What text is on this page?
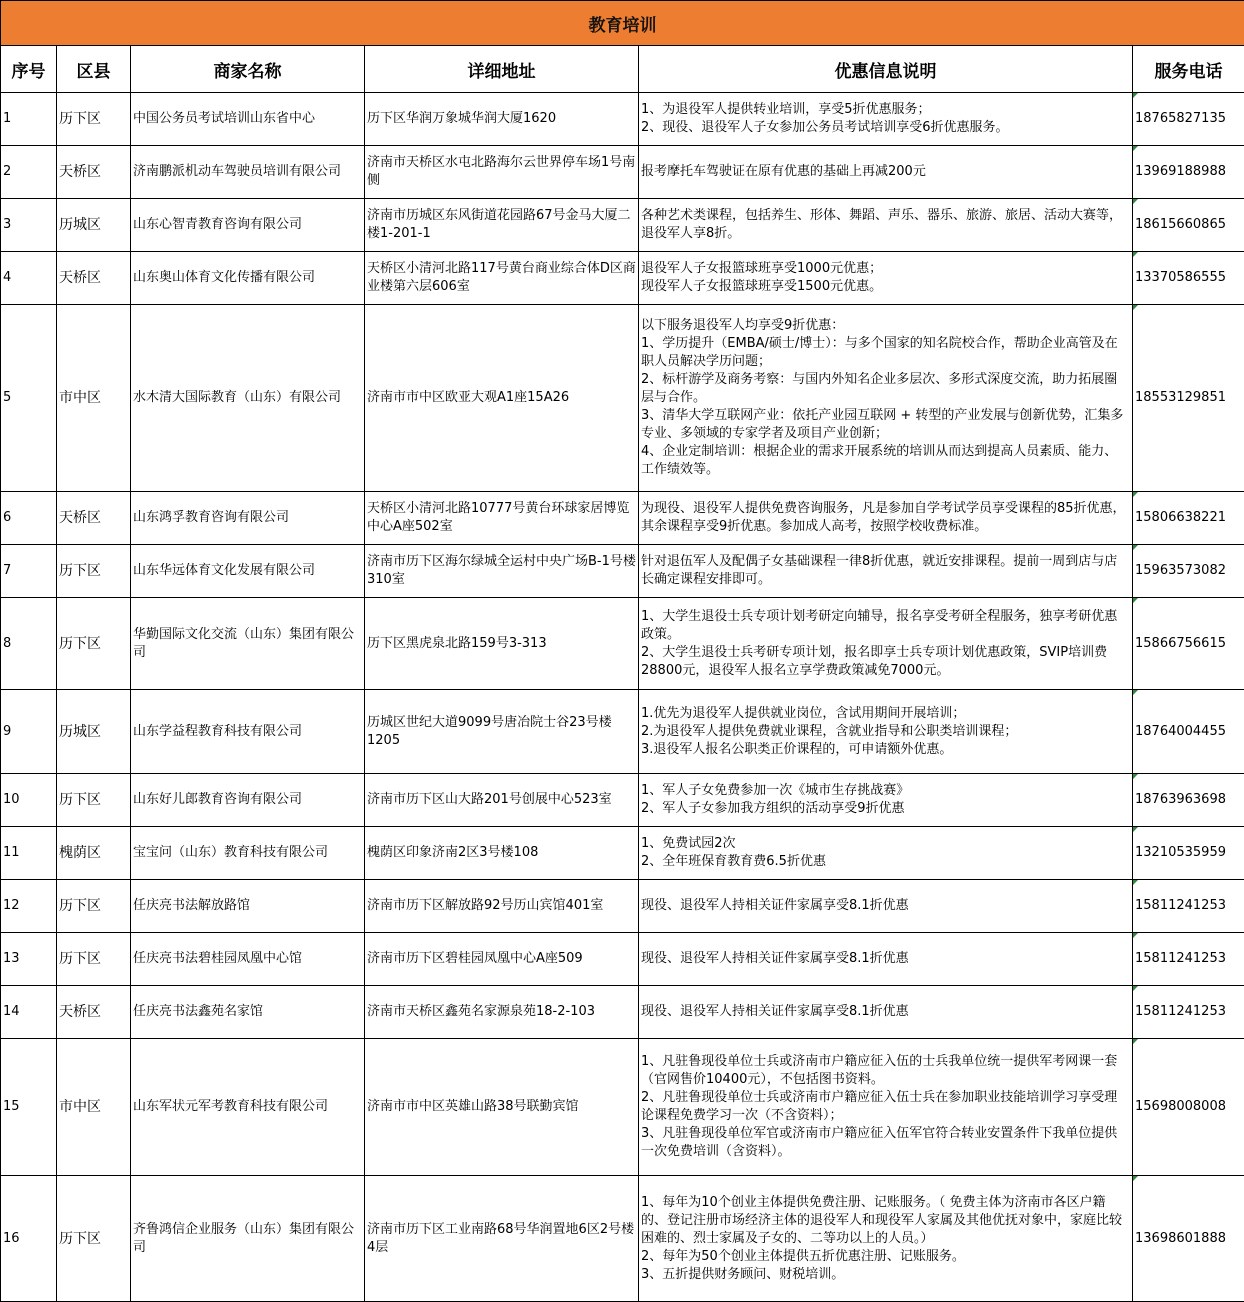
教育培训					
序号	区县	商家名称	详细地址	优惠信息说明	服务电话
1	历下区	中国公务员考试培训山东省中心	历下区华润万象城华润大厦1620	1、为退役军人提供转业培训，享受5折优惠服务；
2、现役、退役军人子女参加公务员考试培训享受6折优惠服务。	18765827135
2	天桥区	济南鹏派机动车驾驶员培训有限公司	济南市天桥区水屯北路海尔云世界停车场1号南侧	报考摩托车驾驶证在原有优惠的基础上再减200元	13969188988
3	历城区	山东心智青教育咨询有限公司	济南市历城区东风街道花园路67号金马大厦二楼1-201-1	各种艺术类课程，包括养生、形体、舞蹈、声乐、器乐、旅游、旅居、活动大赛等，退役军人享8折。	18615660865
4	天桥区	山东奥山体育文化传播有限公司	天桥区小清河北路117号黄台商业综合体D区商业楼第六层606室	退役军人子女报篮球班享受1000元优惠；
现役军人子女报篮球班享受1500元优惠。	13370586555
5	市中区	水木清大国际教育（山东）有限公司	济南市市中区欧亚大观A1座15A26	以下服务退役军人均享受9折优惠：
1、学历提升（EMBA/硕士/博士）：与多个国家的知名院校合作，帮助企业高管及在职人员解决学历问题；
2、标杆游学及商务考察：与国内外知名企业多层次、多形式深度交流，助力拓展圈层与合作。
3、清华大学互联网产业：依托产业园互联网 + 转型的产业发展与创新优势，汇集多专业、多领域的专家学者及项目产业创新；
4、企业定制培训：根据企业的需求开展系统的培训从而达到提高人员素质、能力、工作绩效等。	18553129851
6	天桥区	山东鸿孚教育咨询有限公司	天桥区小清河北路10777号黄台环球家居博览中心A座502室	为现役、退役军人提供免费咨询服务，凡是参加自学考试学员享受课程的85折优惠，其余课程享受9折优惠。参加成人高考，按照学校收费标准。	15806638221
7	历下区	山东华远体育文化发展有限公司	济南市历下区海尔绿城全运村中央广场B-1号楼310室	针对退伍军人及配偶子女基础课程一律8折优惠，就近安排课程。提前一周到店与店长确定课程安排即可。	15963573082
8	历下区	华勤国际文化交流（山东）集团有限公司	历下区黑虎泉北路159号3-313	1、大学生退役士兵专项计划考研定向辅导，报名享受考研全程服务，独享考研优惠政策。
2、大学生退役士兵考研专项计划，报名即享士兵专项计划优惠政策，SVIP培训费28800元，退役军人报名立享学费政策减免7000元。	15866756615
9	历城区	山东学益程教育科技有限公司	历城区世纪大道9099号唐冶院士谷23号楼1205	1.优先为退役军人提供就业岗位，含试用期间开展培训；
2.为退役军人提供免费就业课程，含就业指导和公职类培训课程；
3.退役军人报名公职类正价课程的，可申请额外优惠。	18764004455
10	历下区	山东好儿郎教育咨询有限公司	济南市历下区山大路201号创展中心523室	1、军人子女免费参加一次《城市生存挑战赛》
2、军人子女参加我方组织的活动享受9折优惠	18763963698
11	槐荫区	宝宝问（山东）教育科技有限公司	槐荫区印象济南2区3号楼108	1、免费试园2次
2、全年班保育教育费6.5折优惠	13210535959
12	历下区	任庆亮书法解放路馆	济南市历下区解放路92号历山宾馆401室	现役、退役军人持相关证件家属享受8.1折优惠	15811241253
13	历下区	任庆亮书法碧桂园凤凰中心馆	济南市历下区碧桂园凤凰中心A座509	现役、退役军人持相关证件家属享受8.1折优惠	15811241253
14	天桥区	任庆亮书法鑫苑名家馆	济南市天桥区鑫苑名家源泉苑18-2-103	现役、退役军人持相关证件家属享受8.1折优惠	15811241253
15	市中区	山东军状元军考教育科技有限公司	济南市市中区英雄山路38号联勤宾馆	1、凡驻鲁现役单位士兵或济南市户籍应征入伍的士兵我单位统一提供军考网课一套（官网售价10400元），不包括图书资料。
2、凡驻鲁现役单位士兵或济南市户籍应征入伍士兵在参加职业技能培训学习享受理论课程免费学习一次（不含资料）；
3、凡驻鲁现役单位军官或济南市户籍应征入伍军官符合转业安置条件下我单位提供一次免费培训（含资料）。	15698008008
16	历下区	齐鲁鸿信企业服务（山东）集团有限公司	济南市历下区工业南路68号华润置地6区2号楼4层	1、每年为10个创业主体提供免费注册、记账服务。（ 免费主体为济南市各区户籍的、登记注册市场经济主体的退役军人和现役军人家属及其他优抚对象中，家庭比较困难的、烈士家属及子女的、二等功以上的人员。）
2、每年为50个创业主体提供五折优惠注册、记账服务。
3、五折提供财务顾问、财税培训。	13698601888
